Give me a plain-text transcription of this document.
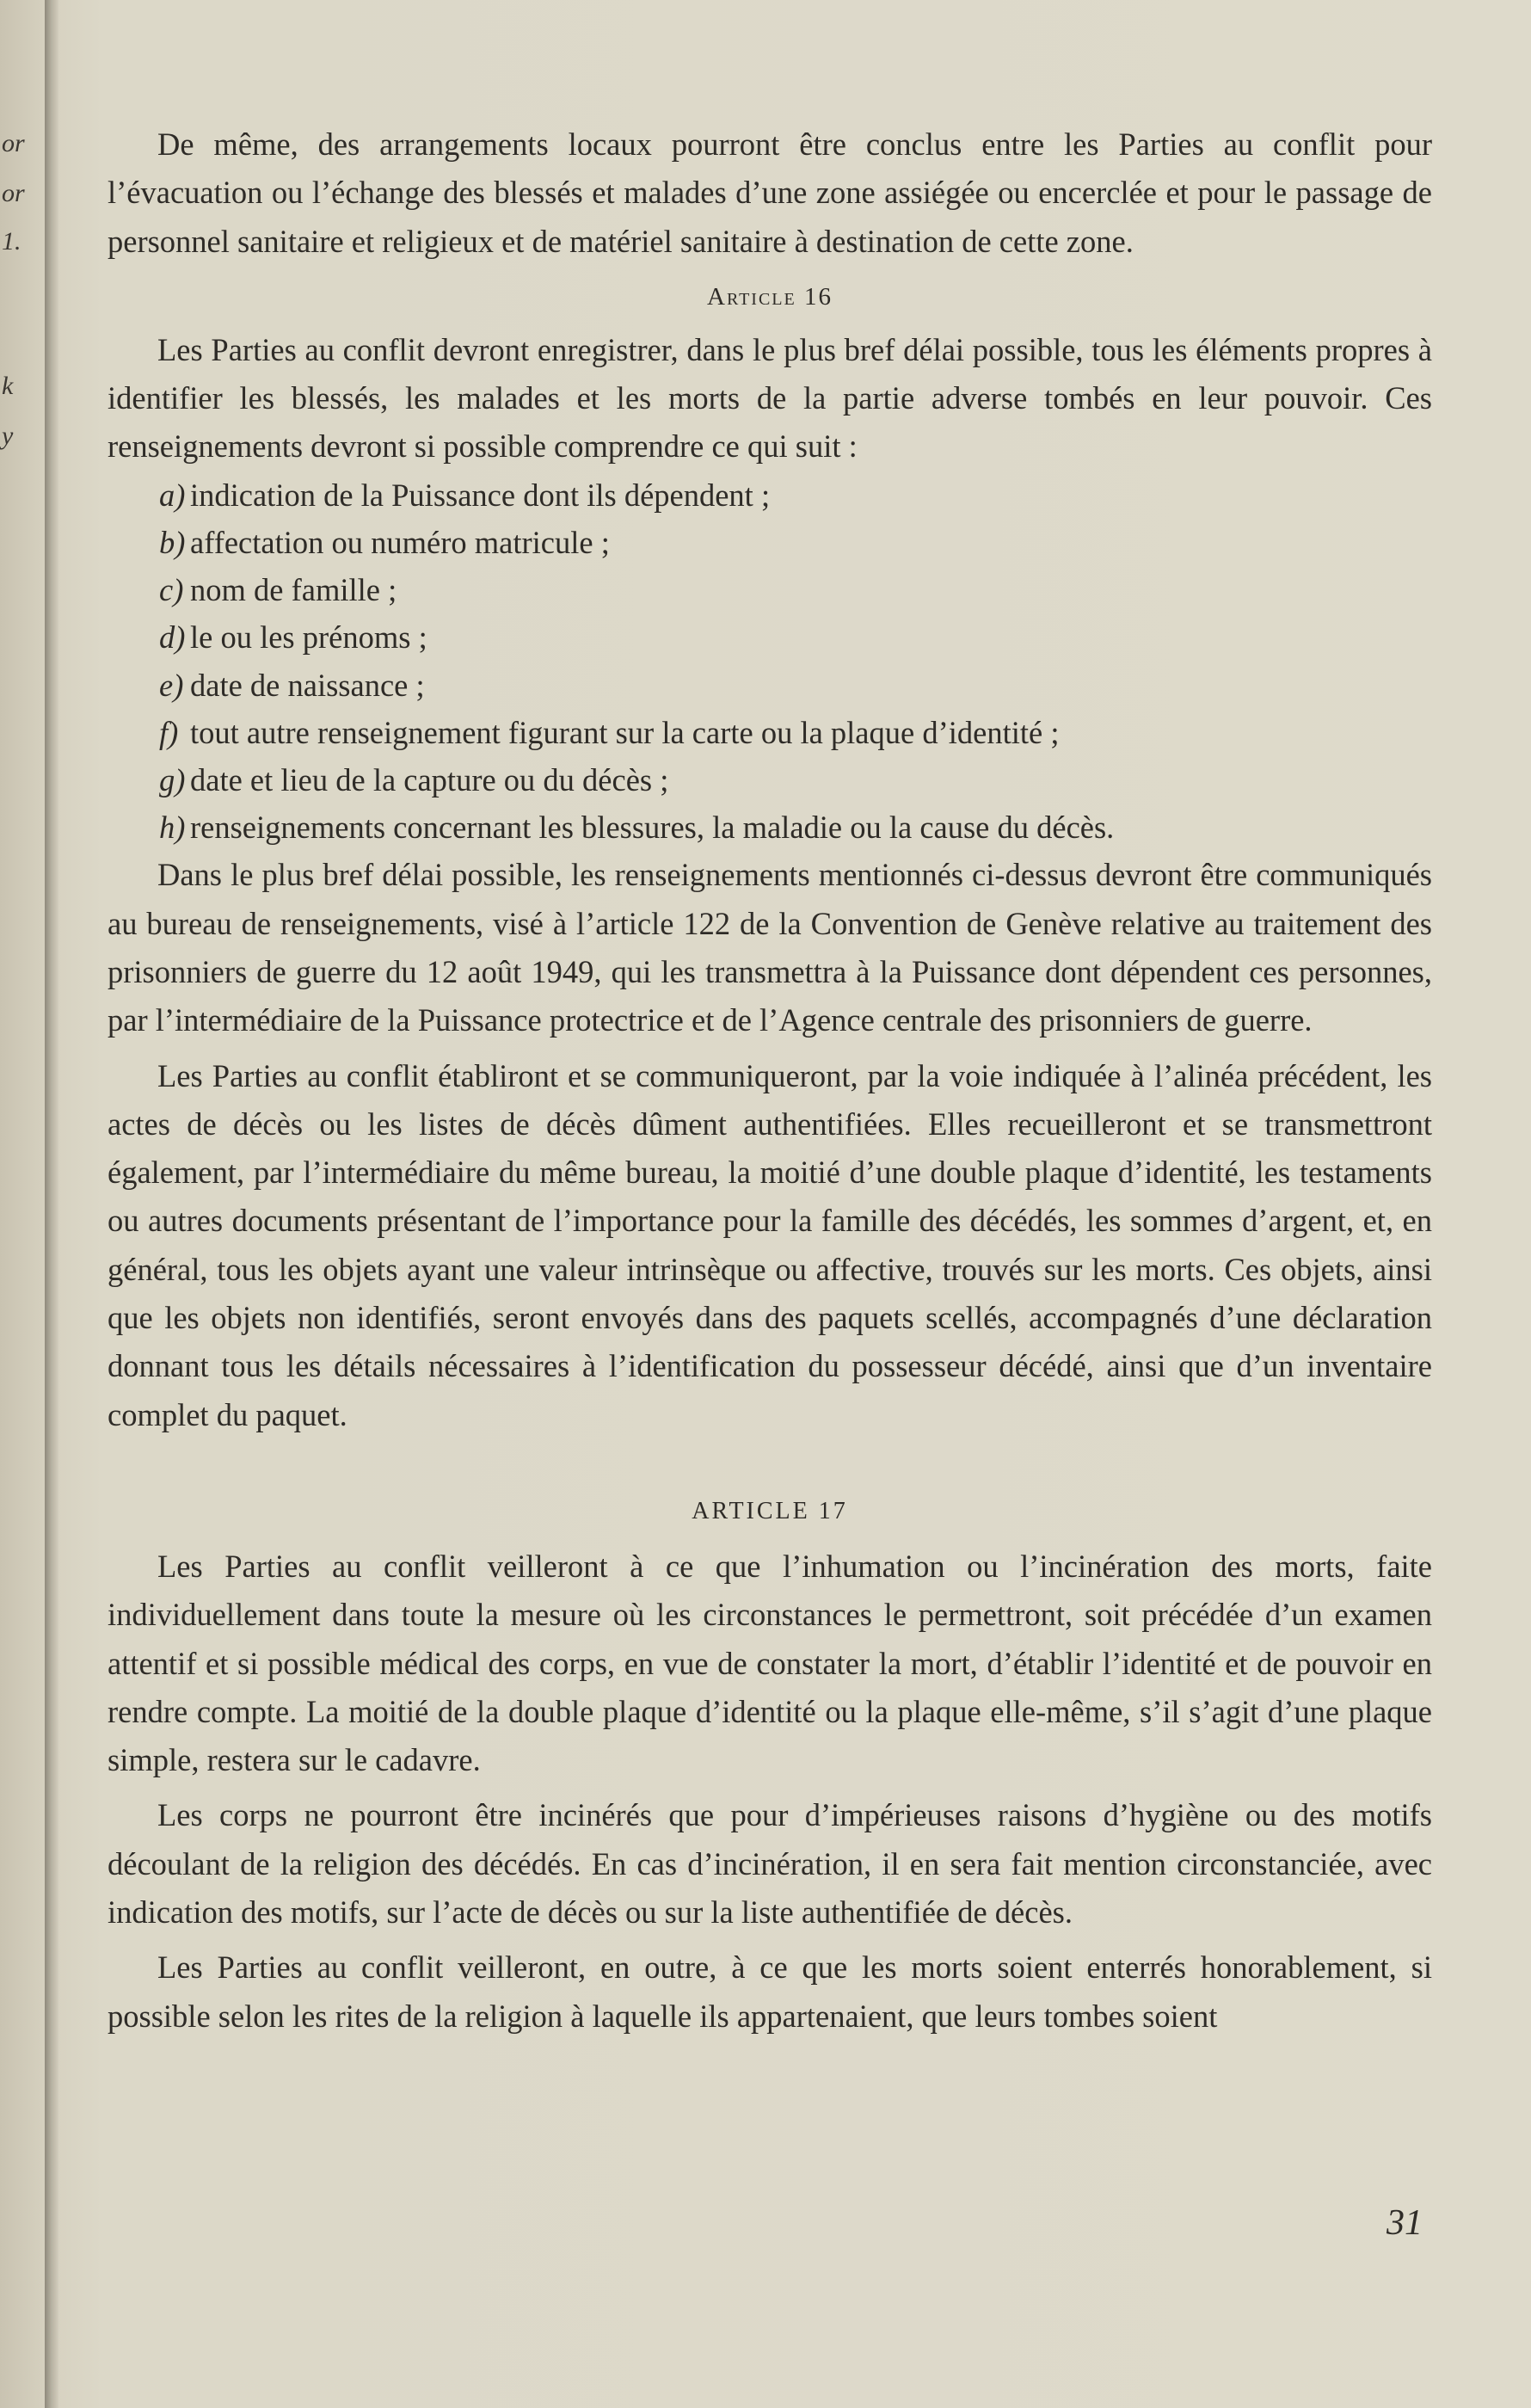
or
or
1.
k
y

De même, des arrangements locaux pourront être conclus entre les Parties au conflit pour l’évacuation ou l’échange des blessés et malades d’une zone assiégée ou encerclée et pour le passage de personnel sanitaire et religieux et de matériel sanitaire à destination de cette zone.

Article 16

Les Parties au conflit devront enregistrer, dans le plus bref délai possible, tous les éléments propres à identifier les blessés, les malades et les morts de la partie adverse tombés en leur pouvoir. Ces renseignements devront si possible comprendre ce qui suit :

a) indication de la Puissance dont ils dépendent ;
b) affectation ou numéro matricule ;
c) nom de famille ;
d) le ou les prénoms ;
e) date de naissance ;
f) tout autre renseignement figurant sur la carte ou la plaque d’identité ;
g) date et lieu de la capture ou du décès ;
h) renseignements concernant les blessures, la maladie ou la cause du décès.

Dans le plus bref délai possible, les renseignements mentionnés ci-dessus devront être communiqués au bureau de renseignements, visé à l’article 122 de la Convention de Genève relative au traitement des prisonniers de guerre du 12 août 1949, qui les transmettra à la Puissance dont dépendent ces personnes, par l’intermédiaire de la Puissance protectrice et de l’Agence centrale des prisonniers de guerre.

Les Parties au conflit établiront et se communiqueront, par la voie indiquée à l’alinéa précédent, les actes de décès ou les listes de décès dûment authentifiées. Elles recueilleront et se transmettront également, par l’intermédiaire du même bureau, la moitié d’une double plaque d’identité, les testaments ou autres documents présentant de l’importance pour la famille des décédés, les sommes d’argent, et, en général, tous les objets ayant une valeur intrinsèque ou affective, trouvés sur les morts. Ces objets, ainsi que les objets non identifiés, seront envoyés dans des paquets scellés, accompagnés d’une déclaration donnant tous les détails nécessaires à l’identification du possesseur décédé, ainsi que d’un inventaire complet du paquet.

ARTICLE 17

Les Parties au conflit veilleront à ce que l’inhumation ou l’incinération des morts, faite individuellement dans toute la mesure où les circonstances le permettront, soit précédée d’un examen attentif et si possible médical des corps, en vue de constater la mort, d’établir l’identité et de pouvoir en rendre compte. La moitié de la double plaque d’identité ou la plaque elle-même, s’il s’agit d’une plaque simple, restera sur le cadavre.

Les corps ne pourront être incinérés que pour d’impérieuses raisons d’hygiène ou des motifs découlant de la religion des décédés. En cas d’incinération, il en sera fait mention circonstanciée, avec indication des motifs, sur l’acte de décès ou sur la liste authentifiée de décès.

Les Parties au conflit veilleront, en outre, à ce que les morts soient enterrés honorablement, si possible selon les rites de la religion à laquelle ils appartenaient, que leurs tombes soient

31
